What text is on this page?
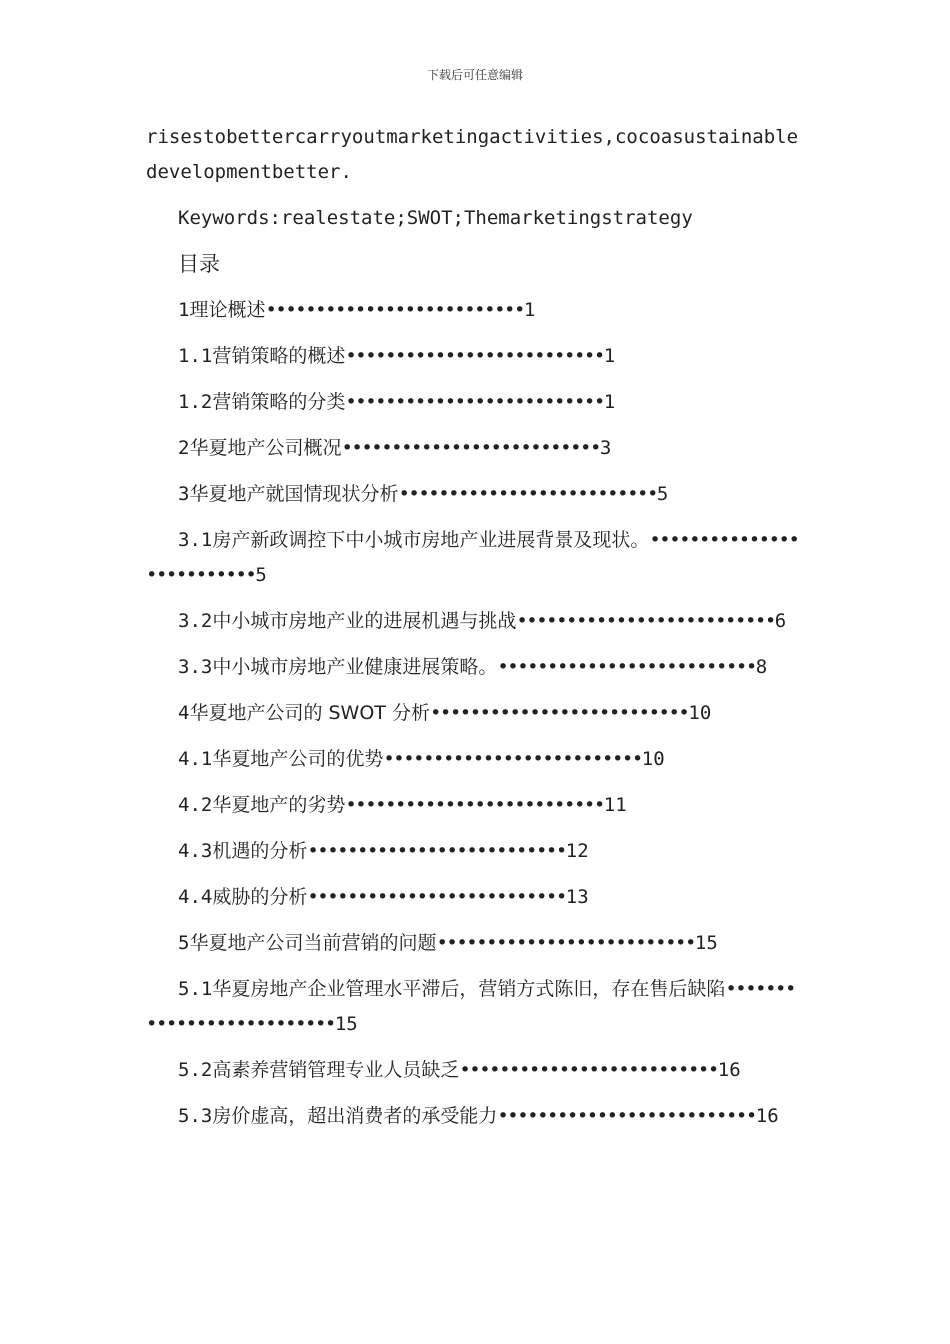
下载后可任意编辑

risestobettercarryoutmarketingactivities,cocoasustainable

developmentbetter.

Keywords:realestate;SWOT;Themarketingstrategy

目录
1理论概述••••••••••••••••••••••••••1
1.1营销策略的概述••••••••••••••••••••••••••1
1.2营销策略的分类••••••••••••••••••••••••••1
2华夏地产公司概况••••••••••••••••••••••••••3
3华夏地产就国情现状分析••••••••••••••••••••••••••5
3.1房产新政调控下中小城市房地产业进展背景及现状。••••••••••••••••••••••••••5
3.2中小城市房地产业的进展机遇与挑战••••••••••••••••••••••••••6
3.3中小城市房地产业健康进展策略。••••••••••••••••••••••••••8
4华夏地产公司的 SWOT 分析••••••••••••••••••••••••••10
4.1华夏地产公司的优势••••••••••••••••••••••••••10
4.2华夏地产的劣势••••••••••••••••••••••••••11
4.3机遇的分析••••••••••••••••••••••••••12
4.4威胁的分析••••••••••••••••••••••••••13
5华夏地产公司当前营销的问题••••••••••••••••••••••••••15
5.1华夏房地产企业管理水平滞后，营销方式陈旧，存在售后缺陷••••••••••••••••••••••••••15
5.2高素养营销管理专业人员缺乏••••••••••••••••••••••••••16
5.3房价虚高，超出消费者的承受能力••••••••••••••••••••••••••16
